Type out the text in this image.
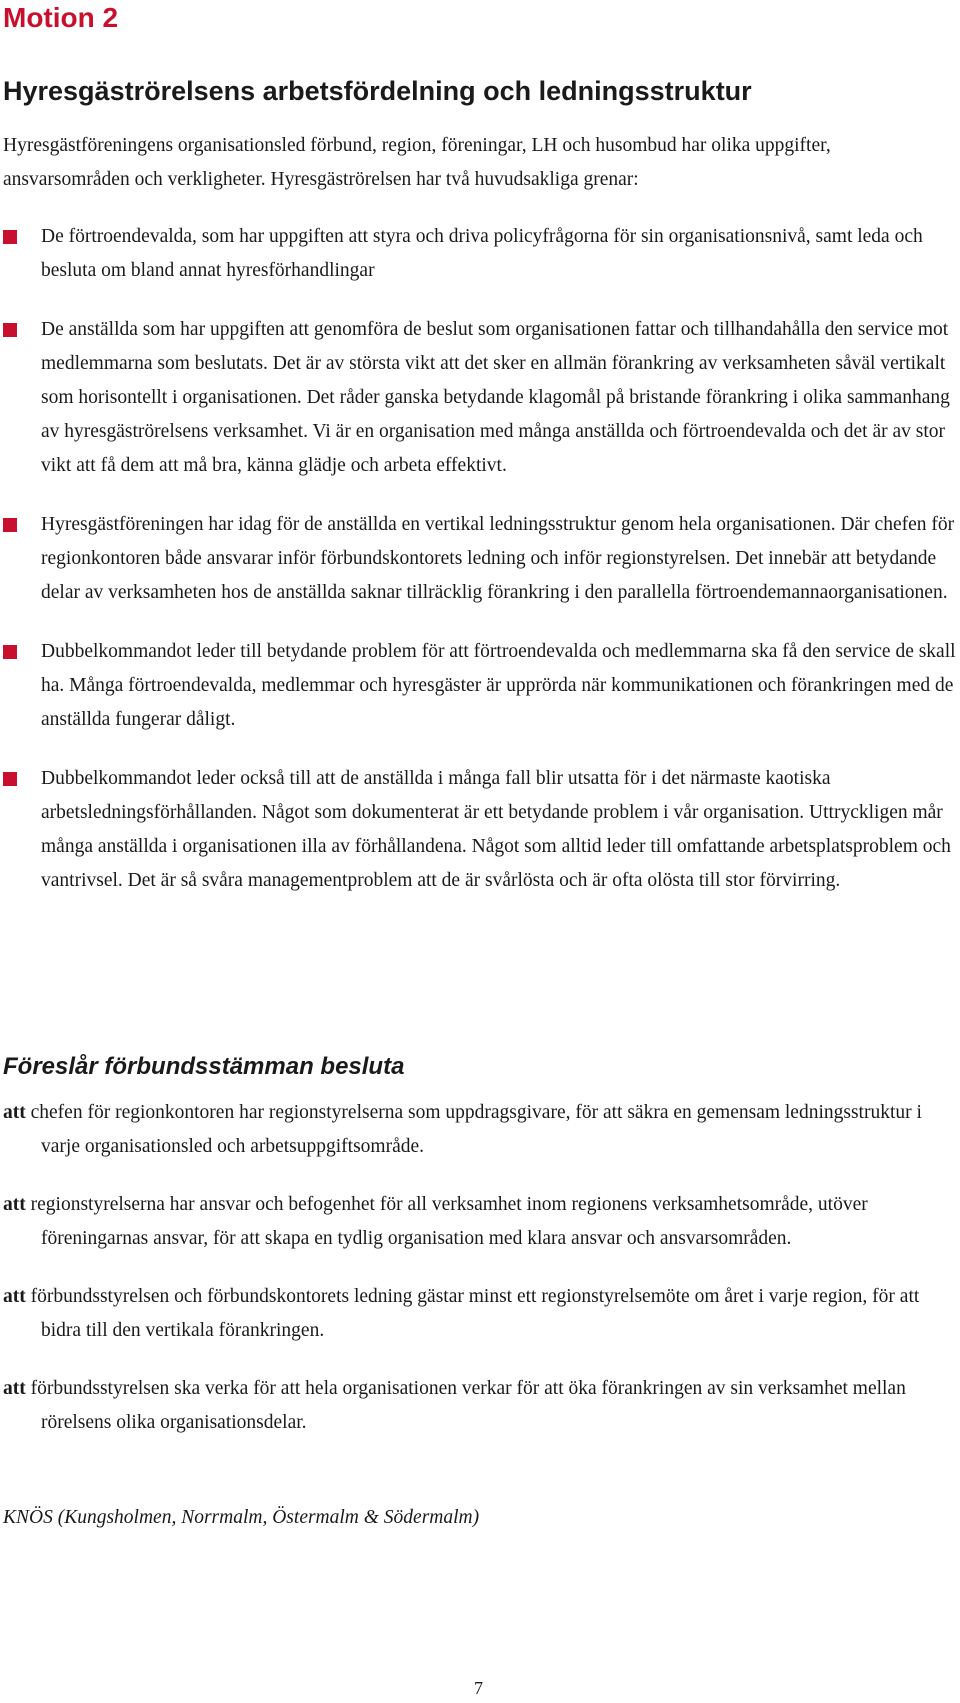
Motion 2
Hyresgäströrelsens arbetsfördelning och ledningsstruktur

Hyresgästföreningens organisationsled förbund, region, föreningar, LH och husombud har olika uppgifter, ansvarsområden och verkligheter. Hyresgäströrelsen har två huvudsakliga grenar:

De förtroendevalda, som har uppgiften att styra och driva policyfrågorna för sin organisationsnivå, samt leda och besluta om bland annat hyresförhandlingar
De anställda som har uppgiften att genomföra de beslut som organisationen fattar och tillhandahålla den service mot medlemmarna som beslutats. Det är av största vikt att det sker en allmän förankring av verksamheten såväl vertikalt som horisontellt i organisationen. Det råder ganska betydande klagomål på bristande förankring i olika sammanhang av hyresgäströrelsens verksamhet. Vi är en organisation med många anställda och förtroendevalda och det är av stor vikt att få dem att må bra, känna glädje och arbeta effektivt.
Hyresgästföreningen har idag för de anställda en vertikal ledningsstruktur genom hela organisationen. Där chefen för regionkontoren både ansvarar inför förbundskontorets ledning och inför regionstyrelsen. Det innebär att betydande delar av verksamheten hos de anställda saknar tillräcklig förankring i den parallella förtroendemannaorganisationen.
Dubbelkommandot leder till betydande problem för att förtroendevalda och medlemmarna ska få den service de skall ha. Många förtroendevalda, medlemmar och hyresgäster är upprörda när kommunikationen och förankringen med de anställda fungerar dåligt.
Dubbelkommandot leder också till att de anställda i många fall blir utsatta för i det närmaste kaotiska arbetsledningsförhållanden. Något som dokumenterat är ett betydande problem i vår organisation. Uttryckligen mår många anställda i organisationen illa av förhållandena. Något som alltid leder till omfattande arbetsplatsproblem och vantrivsel. Det är så svåra managementproblem att de är svårlösta och är ofta olösta till stor förvirring.
Föreslår förbundsstämman besluta
att chefen för regionkontoren har regionstyrelserna som uppdragsgivare, för att säkra en gemensam ledningsstruktur i varje organisationsled och arbetsuppgiftsområde.
att regionstyrelserna har ansvar och befogenhet för all verksamhet inom regionens verksamhetsområde, utöver föreningarnas ansvar, för att skapa en tydlig organisation med klara ansvar och ansvarsområden.
att förbundsstyrelsen och förbundskontorets ledning gästar minst ett regionstyrelsemöte om året i varje region, för att bidra till den vertikala förankringen.
att förbundsstyrelsen ska verka för att hela organisationen verkar för att öka förankringen av sin verksamhet mellan rörelsens olika organisationsdelar.

KNÖS (Kungsholmen, Norrmalm, Östermalm & Södermalm)

7
